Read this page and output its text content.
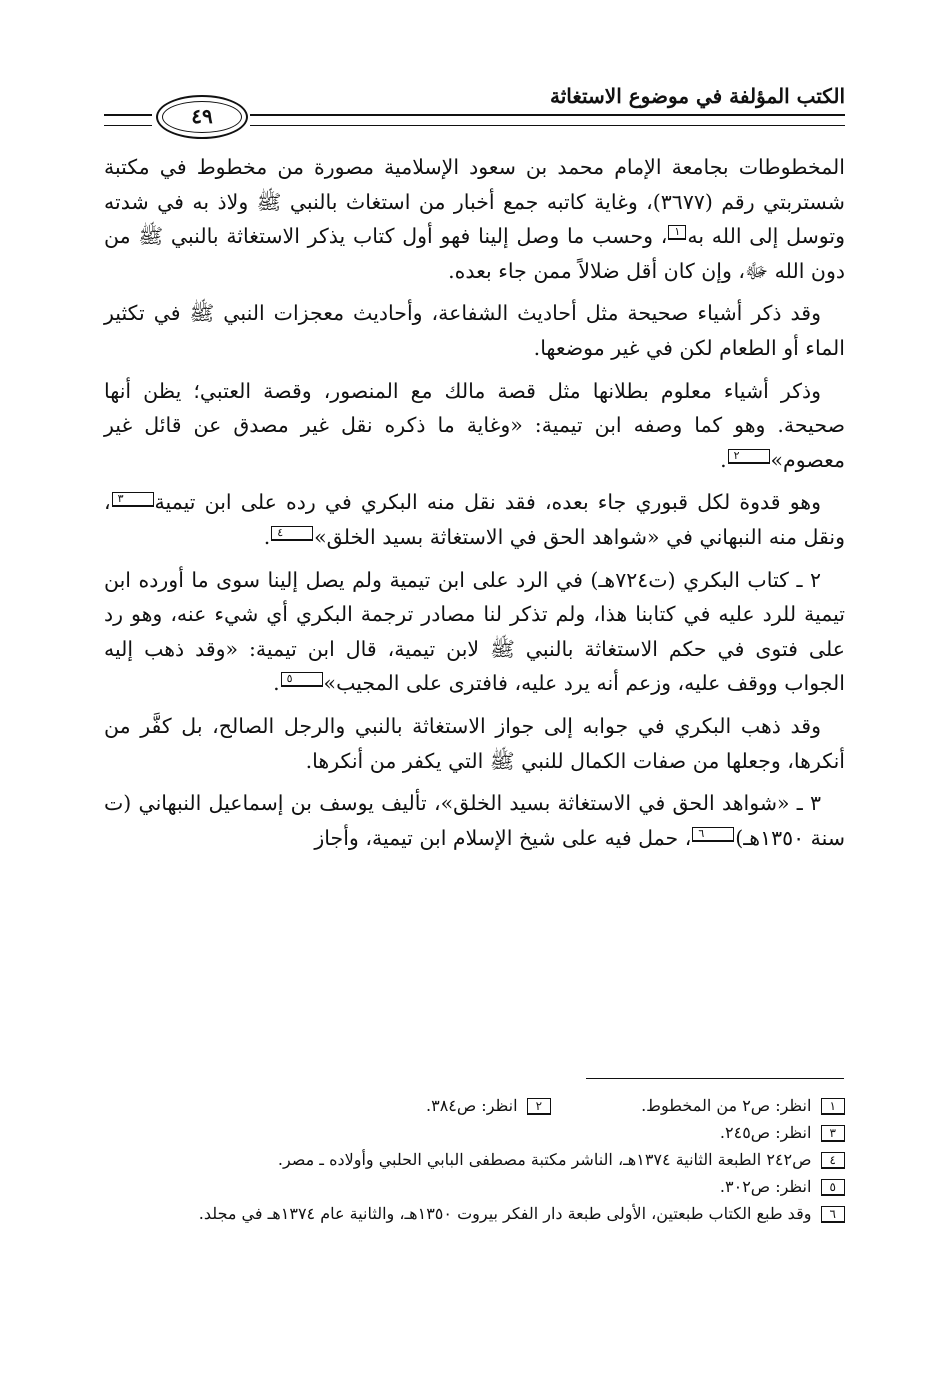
الكتب المؤلفة في موضوع الاستغاثة
٤٩

المخطوطات بجامعة الإمام محمد بن سعود الإسلامية مصورة من مخطوط في مكتبة شستربتي رقم (٣٦٧٧)، وغاية كاتبه جمع أخبار من استغاث بالنبي ﷺ ولاذ به في شدته وتوسل إلى الله به١، وحسب ما وصل إلينا فهو أول كتاب يذكر الاستغاثة بالنبي ﷺ من دون الله ﷻ، وإن كان أقل ضلالاً ممن جاء بعده.

وقد ذكر أشياء صحيحة مثل أحاديث الشفاعة، وأحاديث معجزات النبي ﷺ في تكثير الماء أو الطعام لكن في غير موضعها.

وذكر أشياء معلوم بطلانها مثل قصة مالك مع المنصور، وقصة العتبي؛ يظن أنها صحيحة. وهو كما وصفه ابن تيمية: «وغاية ما ذكره نقل غير مصدق عن قائل غير معصوم»٢.

وهو قدوة لكل قبوري جاء بعده، فقد نقل منه البكري في رده على ابن تيمية٣، ونقل منه النبهاني في «شواهد الحق في الاستغاثة بسيد الخلق»٤.

٢ ـ كتاب البكري (ت٧٢٤هـ) في الرد على ابن تيمية ولم يصل إلينا سوى ما أورده ابن تيمية للرد عليه في كتابنا هذا، ولم تذكر لنا مصادر ترجمة البكري أي شيء عنه، وهو رد على فتوى في حكم الاستغاثة بالنبي ﷺ لابن تيمية، قال ابن تيمية: «وقد ذهب إليه الجواب ووقف عليه، وزعم أنه يرد عليه، فافترى على المجيب»٥.

وقد ذهب البكري في جوابه إلى جواز الاستغاثة بالنبي والرجل الصالح، بل كفَّر من أنكرها، وجعلها من صفات الكمال للنبي ﷺ التي يكفر من أنكرها.

٣ ـ «شواهد الحق في الاستغاثة بسيد الخلق»، تأليف يوسف بن إسماعيل النبهاني (ت سنة ١٣٥٠هـ)٦، حمل فيه على شيخ الإسلام ابن تيمية، وأجاز

١ انظر: ص٢ من المخطوط.
٢ انظر: ص٣٨٤.
٣ انظر: ص٢٤٥.
٤ ص٢٤٢ الطبعة الثانية ١٣٧٤هـ، الناشر مكتبة مصطفى البابي الحلبي وأولاده ـ مصر.
٥ انظر: ص٣٠٢.
٦ وقد طبع الكتاب طبعتين، الأولى طبعة دار الفكر بيروت ١٣٥٠هـ، والثانية عام ١٣٧٤هـ في مجلد.
